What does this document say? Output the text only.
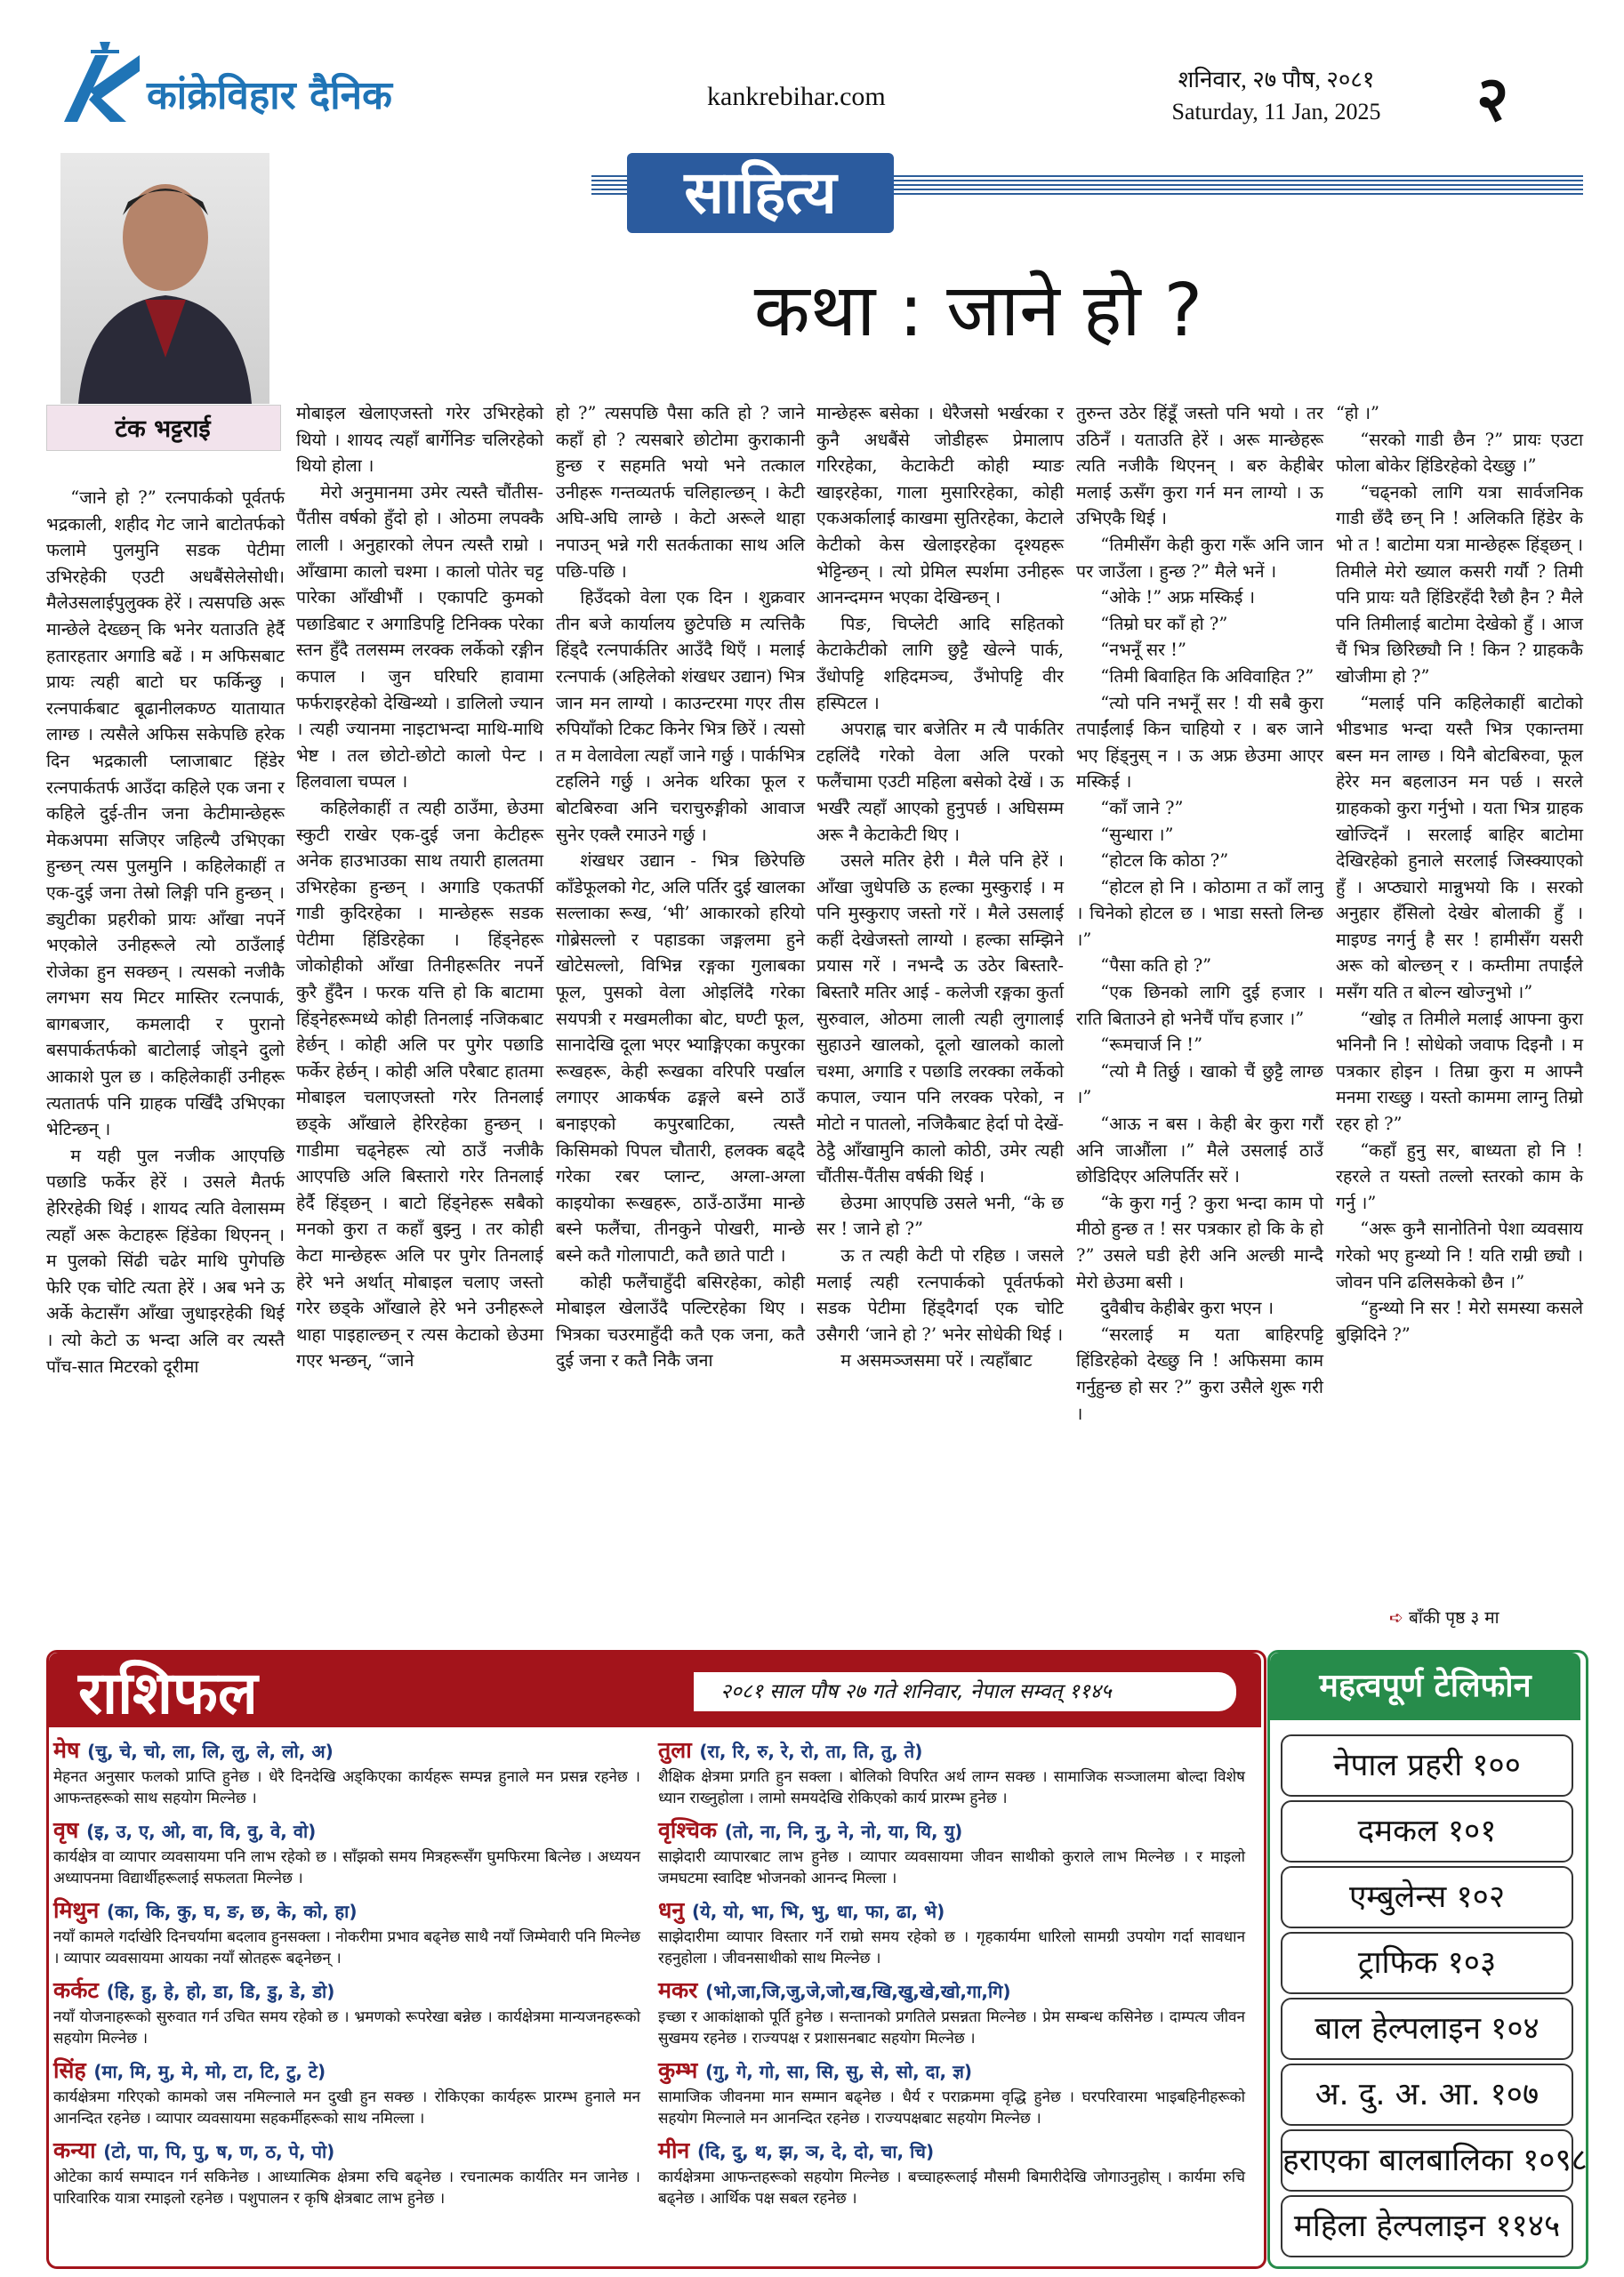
कांक्रेविहार दैनिक	kankrebihar.com
शनिवार, २७ पौष, २०८१
Saturday, 11 Jan, 2025	२
टंक भट्टराई
साहित्य
कथा : जाने हो ?

“जाने हो ?” रत्नपार्कको पूर्वतर्फ भद्रकाली, शहीद गेट जाने बाटोतर्फको फलामे पुलमुनि सडक पेटीमा उभिरहेकी एउटी अधबैंसेलेसोधी।मैलेउसलाईपुलुक्क हेरें । त्यसपछि अरू मान्छेले देख्छन् कि भनेर यताउति हेर्दै हतारहतार अगाडि बढें । म अफिसबाट प्रायः त्यही बाटो घर फर्किन्छु । रत्नपार्कबाट बूढानीलकण्ठ यातायात लाग्छ । त्यसैले अफिस सकेपछि हरेक दिन भद्रकाली प्लाजाबाट हिंडेर रत्नपार्कतर्फ आउँदा कहिले एक जना र कहिले दुई-तीन जना केटीमान्छेहरू मेकअपमा सजिएर जहिल्यै उभिएका हुन्छन् त्यस पुलमुनि । कहिलेकाहीं त एक-दुई जना तेस्रो लिङ्गी पनि हुन्छन् । ड्युटीका प्रहरीको प्रायः आँखा नपर्ने भएकोले उनीहरूले त्यो ठाउँलाई रोजेका हुन सक्छन् । त्यसको नजीकै लगभग सय मिटर मास्तिर रत्नपार्क, बागबजार, कमलादी र पुरानो बसपार्कतर्फको बाटोलाई जोड्ने दुलो आकाशे पुल छ । कहिलेकाहीं उनीहरू त्यतातर्फ पनि ग्राहक पर्खिंदै उभिएका भेटिन्छन् ।

म यही पुल नजीक आएपछि पछाडि फर्केर हेरें । उसले मैतर्फ हेरिरहेकी थिई । शायद त्यति वेलासम्म त्यहाँ अरू केटाहरू हिंडेका थिएनन् । म पुलको सिंढी चढेर माथि पुगेपछि फेरि एक चोटि त्यता हेरें । अब भने ऊ अर्के केटासँग आँखा जुधाइरहेकी थिई । त्यो केटो ऊ भन्दा अलि वर त्यस्तै पाँच-सात मिटरको दूरीमा

मोबाइल खेलाएजस्तो गरेर उभिरहेको थियो । शायद त्यहाँ बार्गेनिङ चलिरहेको थियो होला ।

मेरो अनुमानमा उमेर त्यस्तै चौंतीस-पैंतीस वर्षको हुँदो हो । ओठमा लपक्कै लाली । अनुहारको लेपन त्यस्तै राम्रो । आँखामा कालो चश्मा । कालो पोतेर चट्ट पारेका आँखीभौं । एकापटि कुमको पछाडिबाट र अगाडिपट्टि टिनिक्क परेका स्तन हुँदै तलसम्म लरक्क लर्केको रङ्गीन कपाल । जुन घरिघरि हावामा फर्फराइरहेको देखिन्थ्यो । डालिलो ज्यान । त्यही ज्यानमा नाइटाभन्दा माथि-माथि भेष्ट । तल छोटो-छोटो कालो पेन्ट । हिलवाला चप्पल ।

कहिलेकाहीं त त्यही ठाउँमा, छेउमा स्कुटी राखेर एक-दुई जना केटीहरू अनेक हाउभाउका साथ तयारी हालतमा उभिरहेका हुन्छन् । अगाडि एकतर्फी गाडी कुदिरहेका । मान्छेहरू सडक पेटीमा हिंडिरहेका । हिंड्नेहरू जोकोहीको आँखा तिनीहरूतिर नपर्ने कुरै हुँदैन । फरक यत्ति हो कि बाटामा हिंड्नेहरूमध्ये कोही तिनलाई नजिकबाट हेर्छन् । कोही अलि पर पुगेर पछाडि फर्केर हेर्छन् । कोही अलि परैबाट हातमा मोबाइल चलाएजस्तो गरेर तिनलाई छड्के आँखाले हेरिरहेका हुन्छन् । गाडीमा चढ्नेहरू त्यो ठाउँ नजीकै आएपछि अलि बिस्तारो गरेर तिनलाई हेर्दै हिंड्छन् । बाटो हिंड्नेहरू सबैको मनको कुरा त कहाँ बुझ्नु । तर कोही केटा मान्छेहरू अलि पर पुगेर तिनलाई हेरे भने अर्थात् मोबाइल चलाए जस्तो गरेर छड्के आँखाले हेरे भने उनीहरूले थाहा पाइहाल्छन् र त्यस केटाको छेउमा गएर भन्छन्, “जाने

हो ?” त्यसपछि पैसा कति हो ? जाने कहाँ हो ? त्यसबारे छोटोमा कुराकानी हुन्छ र सहमति भयो भने तत्काल उनीहरू गन्तव्यतर्फ चलिहाल्छन् । केटी अघि-अघि लाग्छे । केटो अरूले थाहा नपाउन् भन्ने गरी सतर्कताका साथ अलि पछि-पछि ।

हिउँदको वेला एक दिन । शुक्रवार तीन बजे कार्यालय छुटेपछि म त्यत्तिकै हिंड्दै रत्नपार्कतिर आउँदै थिएँ । मलाई रत्नपार्क (अहिलेको शंखधर उद्यान) भित्र जान मन लाग्यो । काउन्टरमा गएर तीस रुपियाँको टिकट किनेर भित्र छिरें । त्यसो त म वेलावेला त्यहाँ जाने गर्छु । पार्कभित्र टहलिने गर्छु । अनेक थरिका फूल र बोटबिरुवा अनि चराचुरुङ्गीको आवाज सुनेर एक्लै रमाउने गर्छु ।

शंखधर उद्यान - भित्र छिरेपछि काँडेफूलको गेट, अलि पर्तिर दुई खालका सल्लाका रूख, ‘भी’ आकारको हरियो गोब्रेसल्लो र पहाडका जङ्गलमा हुने खोटेसल्लो, विभिन्न रङ्गका गुलाबका फूल, पुसको वेला ओइलिंदै गरेका सयपत्री र मखमलीका बोट, घण्टी फूल, सानादेखि दूला भएर भ्याङ्गिएका कपुरका रूखहरू, केही रूखका वरिपरि पर्खाल लगाएर आकर्षक ढङ्गले बस्ने ठाउँ बनाइएको कपुरबाटिका, त्यस्तै किसिमको पिपल चौतारी, हलक्क बढ्दै गरेका रबर प्लान्ट, अग्ला-अग्ला काइयोका रूखहरू, ठाउँ-ठाउँमा मान्छे बस्ने फलैंचा, तीनकुने पोखरी, मान्छे बस्ने कतै गोलापाटी, कतै छाते पाटी ।

कोही फलैंचाहुँदी बसिरहेका, कोही मोबाइल खेलाउँदै पल्टिरहेका थिए । भित्रका चउरमाहुँदी कतै एक जना, कतै दुई जना र कतै निकै जना

मान्छेहरू बसेका । धेरैजसो भर्खरका र कुनै अधबैंसे जोडीहरू प्रेमालाप गरिरहेका, केटाकेटी कोही म्याङ खाइरहेका, गाला मुसारिरहेका, कोही एकअर्कालाई काखमा सुतिरहेका, केटाले केटीको केस खेलाइरहेका दृश्यहरू भेट्टिन्छन् । त्यो प्रेमिल स्पर्शमा उनीहरू आनन्दमग्न भएका देखिन्छन् ।

पिङ, चिप्लेटी आदि सहितको केटाकेटीको लागि छुट्टै खेल्ने पार्क, उँधोपट्टि शहिदमञ्च, उँभोपट्टि वीर हस्पिटल ।

अपराह्न चार बजेतिर म त्यै पार्कतिर टहलिंदै गरेको वेला अलि परको फलैंचामा एउटी महिला बसेको देखें । ऊ भर्खरै त्यहाँ आएको हुनुपर्छ । अघिसम्म अरू नै केटाकेटी थिए ।

उसले मतिर हेरी । मैले पनि हेरें । आँखा जुधेपछि ऊ हल्का मुस्कुराई । म पनि मुस्कुराए जस्तो गरें । मैले उसलाई कहीं देखेजस्तो लाग्यो । हल्का सम्झिने प्रयास गरें । नभन्दै ऊ उठेर बिस्तारै-बिस्तारै मतिर आई - कलेजी रङ्गका कुर्ता सुरुवाल, ओठमा लाली त्यही लुगालाई सुहाउने खालको, दूलो खालको कालो चश्मा, अगाडि र पछाडि लरक्का लर्केको कपाल, ज्यान पनि लरक्क परेको, न मोटो न पातलो, नजिकैबाट हेर्दा पो देखें-ठेट्ठै आँखामुनि कालो कोठी, उमेर त्यही चौंतीस-पैंतीस वर्षकी थिई ।

छेउमा आएपछि उसले भनी, “के छ सर ! जाने हो ?”

ऊ त त्यही केटी पो रहिछ । जसले मलाई त्यही रत्नपार्कको पूर्वतर्फको सडक पेटीमा हिंड्दैगर्दा एक चोटि उसैगरी ‘जाने हो ?’ भनेर सोधेकी थिई ।

म असमञ्जसमा परें । त्यहाँबाट

तुरुन्त उठेर हिंडूँ जस्तो पनि भयो । तर उठिनँ । यताउति हेरें । अरू मान्छेहरू त्यति नजीकै थिएनन् । बरु केहीबेर मलाई ऊसँग कुरा गर्न मन लाग्यो । ऊ उभिएकै थिई ।

“तिमीसँग केही कुरा गरूँ अनि जान पर जाउँला । हुन्छ ?” मैले भनें ।

“ओके !” अफ्र मस्किई ।

“तिम्रो घर काँ हो ?”

“नभनूँ सर !”

“तिमी बिवाहित कि अविवाहित ?”

“त्यो पनि नभनूँ सर ! यी सबै कुरा तपाईंलाई किन चाहियो र । बरु जाने भए हिंड्नुस् न । ऊ अफ्र छेउमा आएर मस्किई ।

“काँ जाने ?”

“सुन्धारा ।”

“होटल कि कोठा ?”

“होटल हो नि । कोठामा त काँ लानु । चिनेको होटल छ । भाडा सस्तो लिन्छ ।”

“पैसा कति हो ?”

“एक छिनको लागि दुई हजार । राति बिताउने हो भनेचैं पाँच हजार ।”

“रूमचार्ज नि !”

“त्यो मै तिर्छु । खाको चैं छुट्टै लाग्छ ।”

“आऊ न बस । केही बेर कुरा गरौं अनि जाऔंला ।” मैले उसलाई ठाउँ छोडिदिएर अलिपर्तिर सरें ।

“के कुरा गर्नु ? कुरा भन्दा काम पो मीठो हुन्छ त ! सर पत्रकार हो कि के हो ?” उसले घडी हेरी अनि अल्छी मान्दै मेरो छेउमा बसी ।

दुवैबीच केहीबेर कुरा भएन ।

“सरलाई म यता बाहिरपट्टि हिंडिरहेको देख्छु नि ! अफिसमा काम गर्नुहुन्छ हो सर ?” कुरा उसैले शुरू गरी ।

“हो ।”

“सरको गाडी छैन ?” प्रायः एउटा फोला बोकेर हिंडिरहेको देख्छु ।”

“चढ्नको लागि यत्रा सार्वजनिक गाडी छँदै छन् नि ! अलिकति हिंडेर के भो त ! बाटोमा यत्रा मान्छेहरू हिंड्छन् । तिमीले मेरो ख्याल कसरी गर्यौ ? तिमी पनि प्रायः यतै हिंडिरहँदी रैछौ हैन ? मैले पनि तिमीलाई बाटोमा देखेको हुँ । आज चैं भित्र छिरिछ्यौ नि ! किन ? ग्राहककै खोजीमा हो ?”

“मलाई पनि कहिलेकाहीं बाटोको भीडभाड भन्दा यस्तै भित्र एकान्तमा बस्न मन लाग्छ । यिनै बोटबिरुवा, फूल हेरेर मन बहलाउन मन पर्छ । सरले ग्राहकको कुरा गर्नुभो । यता भित्र ग्राहक खोज्दिनँ । सरलाई बाहिर बाटोमा देखिरहेको हुनाले सरलाई जिस्क्याएको हुँ । अप्ठ्यारो मान्नुभयो कि । सरको अनुहार हँसिलो देखेर बोलाकी हुँ । माइण्ड नगर्नु है सर ! हामीसँग यसरी अरू को बोल्छन् र । कम्तीमा तपाईंले मसँग यति त बोल्न खोज्नुभो ।”

“खोइ त तिमीले मलाई आफ्ना कुरा भनिनौ नि ! सोधेको जवाफ दिइनौ । म पत्रकार होइन । तिम्रा कुरा म आफ्नै मनमा राख्छु । यस्तो काममा लाग्नु तिम्रो रहर हो ?”

“कहाँ हुनु सर, बाध्यता हो नि ! रहरले त यस्तो तल्लो स्तरको काम के गर्नु ।”

“अरू कुनै सानोतिनो पेशा व्यवसाय गरेको भए हुन्थ्यो नि ! यति राम्री छ्यौ । जोवन पनि ढलिसकेको छैन ।”

“हुन्थ्यो नि सर ! मेरो समस्या कसले बुझिदिने ?”

➪ बाँकी पृष्ठ ३ मा
राशिफल	२०८१ साल पौष २७ गते शनिवार, नेपाल सम्वत् ११४५
मेष (चु, चे, चो, ला, लि, लु, ले, लो, अ)
मेहनत अनुसार फलको प्राप्ति हुनेछ । धेरै दिनदेखि अड्किएका कार्यहरू सम्पन्न हुनाले मन प्रसन्न रहनेछ । आफन्तहरूको साथ सहयोग मिल्नेछ ।
वृष (इ, उ, ए, ओ, वा, वि, वु, वे, वो)
कार्यक्षेत्र वा व्यापार व्यवसायमा पनि लाभ रहेको छ । साँझको समय मित्रहरूसँग घुमफिरमा बित्नेछ । अध्ययन अध्यापनमा विद्यार्थीहरूलाई सफलता मिल्नेछ ।
मिथुन (का, कि, कु, घ, ङ, छ, के, को, हा)
नयाँ कामले गर्दाखेरि दिनचर्यामा बदलाव हुनसक्ला । नोकरीमा प्रभाव बढ्नेछ साथै नयाँ जिम्मेवारी पनि मिल्नेछ । व्यापार व्यवसायमा आयका नयाँ स्रोतहरू बढ्नेछन् ।
कर्कट (हि, हु, हे, हो, डा, डि, डु, डे, डो)
नयाँ योजनाहरूको सुरुवात गर्न उचित समय रहेको छ । भ्रमणको रूपरेखा बन्नेछ । कार्यक्षेत्रमा मान्यजनहरूको सहयोग मिल्नेछ ।
सिंह (मा, मि, मु, मे, मो, टा, टि, टु, टे)
कार्यक्षेत्रमा गरिएको कामको जस नमिल्नाले मन दुखी हुन सक्छ । रोकिएका कार्यहरू प्रारम्भ हुनाले मन आनन्दित रहनेछ । व्यापार व्यवसायमा सहकर्मीहरूको साथ नमिल्ला ।
कन्या (टो, पा, पि, पु, ष, ण, ठ, पे, पो)
ओटेका कार्य सम्पादन गर्न सकिनेछ । आध्यात्मिक क्षेत्रमा रुचि बढ्नेछ । रचनात्मक कार्यतिर मन जानेछ । पारिवारिक यात्रा रमाइलो रहनेछ । पशुपालन र कृषि क्षेत्रबाट लाभ हुनेछ ।
तुला (रा, रि, रु, रे, रो, ता, ति, तु, ते)
शैक्षिक क्षेत्रमा प्रगति हुन सक्ला । बोलिको विपरित अर्थ लाग्न सक्छ । सामाजिक सञ्जालमा बोल्दा विशेष ध्यान राख्नुहोला । लामो समयदेखि रोकिएको कार्य प्रारम्भ हुनेछ ।
वृश्चिक (तो, ना, नि, नु, ने, नो, या, यि, यु)
साझेदारी व्यापारबाट लाभ हुनेछ । व्यापार व्यवसायमा जीवन साथीको कुराले लाभ मिल्नेछ । र माइलो जमघटमा स्वादिष्ट भोजनको आनन्द मिल्ला ।
धनु (ये, यो, भा, भि, भु, धा, फा, ढा, भे)
साझेदारीमा व्यापार विस्तार गर्ने राम्रो समय रहेको छ । गृहकार्यमा धारिलो सामग्री उपयोग गर्दा सावधान रहनुहोला । जीवनसाथीको साथ मिल्नेछ ।
मकर (भो,जा,जि,जु,जे,जो,ख,खि,खु,खे,खो,गा,गि)
इच्छा र आकांक्षाको पूर्ति हुनेछ । सन्तानको प्रगतिले प्रसन्नता मिल्नेछ । प्रेम सम्बन्ध कसिनेछ । दाम्पत्य जीवन सुखमय रहनेछ । राज्यपक्ष र प्रशासनबाट सहयोग मिल्नेछ ।
कुम्भ (गु, गे, गो, सा, सि, सु, से, सो, दा, ज्ञ)
सामाजिक जीवनमा मान सम्मान बढ्नेछ । धैर्य र पराक्रममा वृद्धि हुनेछ । घरपरिवारमा भाइबहिनीहरूको सहयोग मिल्नाले मन आनन्दित रहनेछ । राज्यपक्षबाट सहयोग मिल्नेछ ।
मीन (दि, दु, थ, झ, ञ, दे, दो, चा, चि)
कार्यक्षेत्रमा आफन्तहरूको सहयोग मिल्नेछ । बच्चाहरूलाई मौसमी बिमारीदेखि जोगाउनुहोस् । कार्यमा रुचि बढ्नेछ । आर्थिक पक्ष सबल रहनेछ ।
महत्वपूर्ण टेलिफोन
नेपाल प्रहरी १००
दमकल १०१
एम्बुलेन्स १०२
ट्राफिक १०३
बाल हेल्पलाइन १०४
अ. दु. अ. आ. १०७
हराएका बालबालिका १०९८
महिला हेल्पलाइन ११४५
